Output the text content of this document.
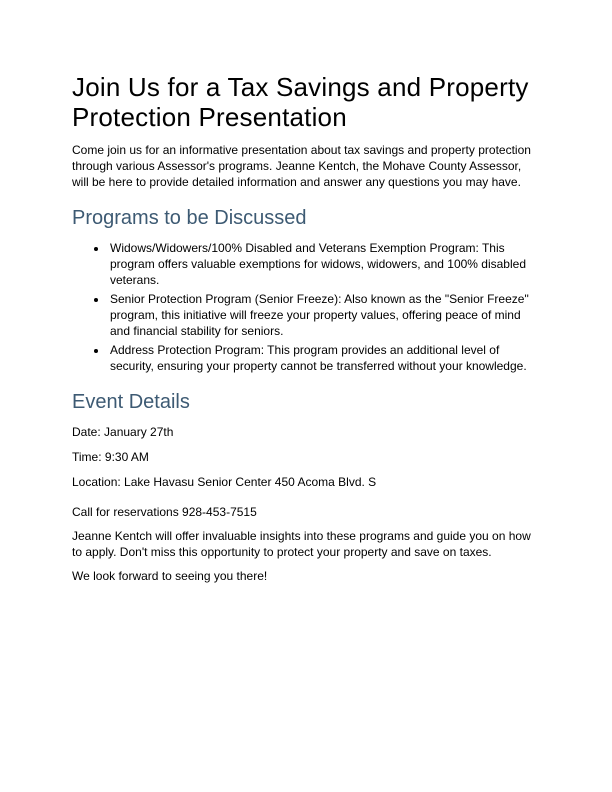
Join Us for a Tax Savings and Property Protection Presentation

Come join us for an informative presentation about tax savings and property protection through various Assessor's programs. Jeanne Kentch, the Mohave County Assessor, will be here to provide detailed information and answer any questions you may have.

Programs to be Discussed
• Widows/Widowers/100% Disabled and Veterans Exemption Program: This program offers valuable exemptions for widows, widowers, and 100% disabled veterans.
• Senior Protection Program (Senior Freeze): Also known as the "Senior Freeze" program, this initiative will freeze your property values, offering peace of mind and financial stability for seniors.
• Address Protection Program: This program provides an additional level of security, ensuring your property cannot be transferred without your knowledge.
Event Details

Date: January 27th

Time: 9:30 AM

Location: Lake Havasu Senior Center 450 Acoma Blvd. S

Call for reservations 928-453-7515

Jeanne Kentch will offer invaluable insights into these programs and guide you on how to apply. Don't miss this opportunity to protect your property and save on taxes.

We look forward to seeing you there!
